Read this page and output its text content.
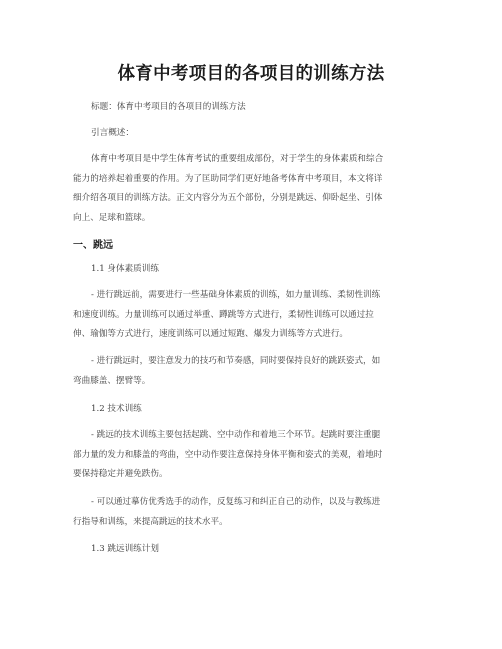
体育中考项目的各项目的训练方法
标题：体育中考项目的各项目的训练方法
引言概述：
体育中考项目是中学生体育考试的重要组成部份，对于学生的身体素质和综合
能力的培养起着重要的作用。为了匡助同学们更好地备考体育中考项目，本文将详
细介绍各项目的训练方法。正文内容分为五个部份，分别是跳远、仰卧起坐、引体
向上、足球和篮球。
一、跳远
1.1 身体素质训练
- 进行跳远前，需要进行一些基础身体素质的训练，如力量训练、柔韧性训练
和速度训练。力量训练可以通过举重、蹲跳等方式进行，柔韧性训练可以通过拉
伸、瑜伽等方式进行，速度训练可以通过短跑、爆发力训练等方式进行。
- 进行跳远时，要注意发力的技巧和节奏感，同时要保持良好的跳跃姿式，如
弯曲膝盖、摆臂等。
1.2 技术训练
- 跳远的技术训练主要包括起跳、空中动作和着地三个环节。起跳时要注重腿
部力量的发力和膝盖的弯曲，空中动作要注意保持身体平衡和姿式的美观，着地时
要保持稳定并避免跌伤。
- 可以通过摹仿优秀选手的动作，反复练习和纠正自己的动作，以及与教练进
行指导和训练，来提高跳远的技术水平。
1.3 跳远训练计划
